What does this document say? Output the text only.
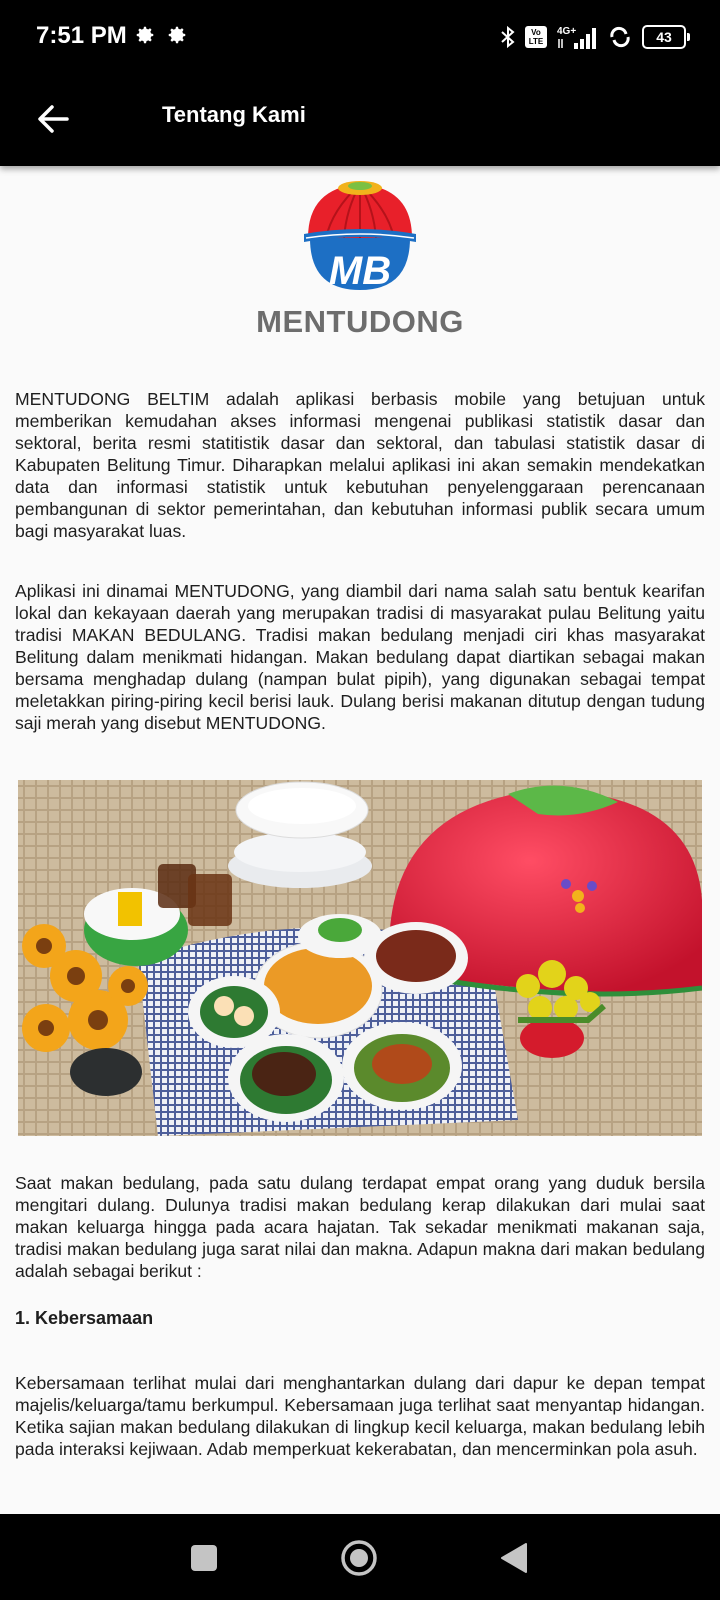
7:51 PM	Vo
LTE
4G+	43
Tentang Kami
MB
MENTUDONG

MENTUDONG BELTIM adalah aplikasi berbasis mobile yang betujuan untuk memberikan kemudahan akses informasi mengenai publikasi statistik dasar dan sektoral, berita resmi statitistik dasar dan sektoral, dan tabulasi statistik dasar di Kabupaten Belitung Timur. Diharapkan melalui aplikasi ini akan semakin mendekatkan data dan informasi statistik untuk kebutuhan penyelenggaraan perencanaan pembangunan di sektor pemerintahan, dan kebutuhan informasi publik secara umum bagi masyarakat luas.

Aplikasi ini dinamai MENTUDONG, yang diambil dari nama salah satu bentuk kearifan lokal dan kekayaan daerah yang merupakan tradisi di masyarakat pulau Belitung yaitu tradisi MAKAN BEDULANG. Tradisi makan bedulang menjadi ciri khas masyarakat Belitung dalam menikmati hidangan. Makan bedulang dapat diartikan sebagai makan bersama menghadap dulang (nampan bulat pipih), yang digunakan sebagai tempat meletakkan piring-piring kecil berisi lauk. Dulang berisi makanan ditutup dengan tudung saji merah yang disebut MENTUDONG.

Saat makan bedulang, pada satu dulang terdapat empat orang yang duduk bersila mengitari dulang. Dulunya tradisi makan bedulang kerap dilakukan dari mulai saat makan keluarga hingga pada acara hajatan. Tak sekadar menikmati makanan saja, tradisi makan bedulang juga sarat nilai dan makna. Adapun makna dari makan bedulang adalah sebagai berikut :

1. Kebersamaan

Kebersamaan terlihat mulai dari menghantarkan dulang dari dapur ke depan tempat majelis/keluarga/tamu berkumpul. Kebersamaan juga terlihat saat menyantap hidangan. Ketika sajian makan bedulang dilakukan di lingkup kecil keluarga, makan bedulang lebih pada interaksi kejiwaan. Adab memperkuat kekerabatan, dan mencerminkan pola asuh.
